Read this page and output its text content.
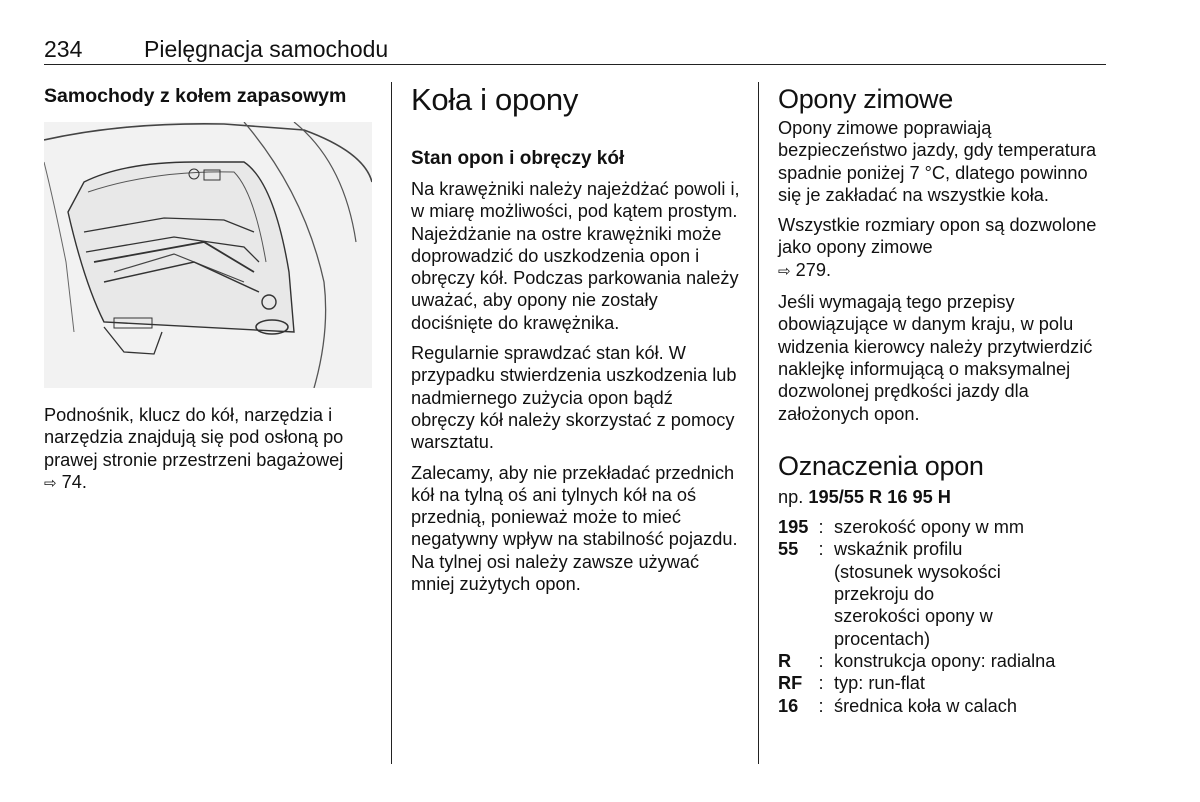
234	Pielęgnacja samochodu
Samochody z kołem zapasowym

Podnośnik, klucz do kół, narzędzia i narzędzia znajdują się pod osłoną po prawej stronie przestrzeni bagażowej
⇨ 74.

Koła i opony
Stan opon i obręczy kół

Na krawężniki należy najeżdżać powoli i, w miarę możliwości, pod kątem prostym. Najeżdżanie na ostre krawężniki może doprowadzić do uszkodzenia opon i obręczy kół. Podczas parkowania należy uważać, aby opony nie zostały dociśnięte do krawężnika.

Regularnie sprawdzać stan kół. W przypadku stwierdzenia uszkodzenia lub nadmiernego zużycia opon bądź obręczy kół należy skorzystać z pomocy warsztatu.

Zalecamy, aby nie przekładać przednich kół na tylną oś ani tylnych kół na oś przednią, ponieważ może to mieć negatywny wpływ na stabilność pojazdu. Na tylnej osi należy zawsze używać mniej zużytych opon.

Opony zimowe

Opony zimowe poprawiają bezpieczeństwo jazdy, gdy temperatura spadnie poniżej 7 °C, dlatego powinno się je zakładać na wszystkie koła.

Wszystkie rozmiary opon są dozwolone jako opony zimowe
⇨ 279.

Jeśli wymagają tego przepisy obowiązujące w danym kraju, w polu widzenia kierowcy należy przytwierdzić naklejkę informującą o maksymalnej dozwolonej prędkości jazdy dla założonych opon.

Oznaczenia opon

np. 195/55 R 16 95 H

195 : szerokość opony w mm
55	: wskaźnik profilu (stosunek wysokości przekroju do szerokości opony w procentach)
R	: konstrukcja opony: radialna
RF : typ: run-flat
16	: średnica koła w calach
